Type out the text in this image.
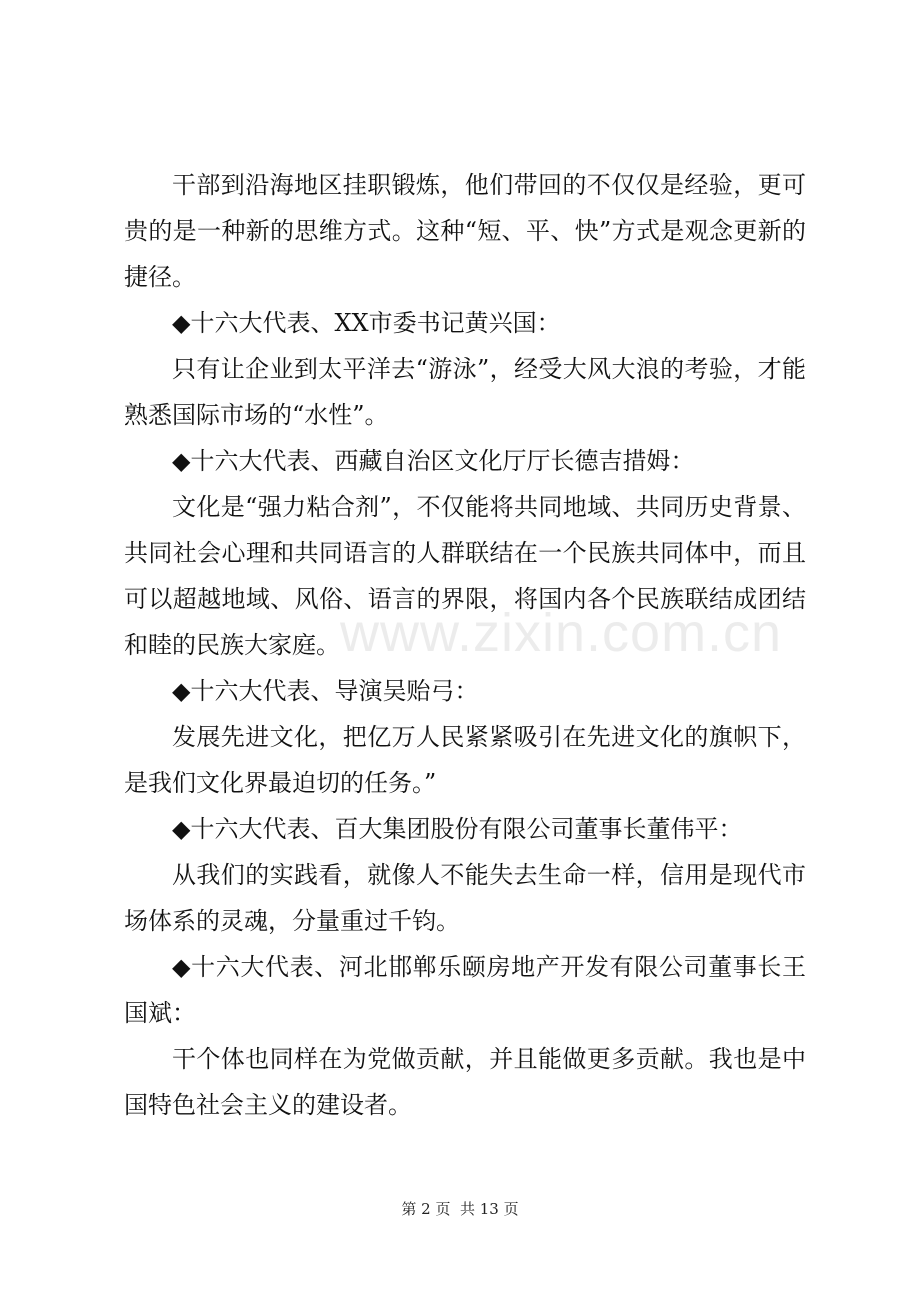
干部到沿海地区挂职锻炼，他们带回的不仅仅是经验，更可贵的是一种新的思维方式。这种“短、平、快”方式是观念更新的捷径。

◆十六大代表、XX市委书记黄兴国：

只有让企业到太平洋去“游泳”，经受大风大浪的考验，才能熟悉国际市场的“水性”。

◆十六大代表、西藏自治区文化厅厅长德吉措姆：

文化是“强力粘合剂”，不仅能将共同地域、共同历史背景、共同社会心理和共同语言的人群联结在一个民族共同体中，而且可以超越地域、风俗、语言的界限，将国内各个民族联结成团结和睦的民族大家庭。

◆十六大代表、导演吴贻弓：

发展先进文化，把亿万人民紧紧吸引在先进文化的旗帜下，是我们文化界最迫切的任务。”

◆十六大代表、百大集团股份有限公司董事长董伟平：

从我们的实践看，就像人不能失去生命一样，信用是现代市场体系的灵魂，分量重过千钧。

◆十六大代表、河北邯郸乐颐房地产开发有限公司董事长王国斌：

干个体也同样在为党做贡献，并且能做更多贡献。我也是中国特色社会主义的建设者。

www.zixin.com.cn
第 2 页  共 13 页
